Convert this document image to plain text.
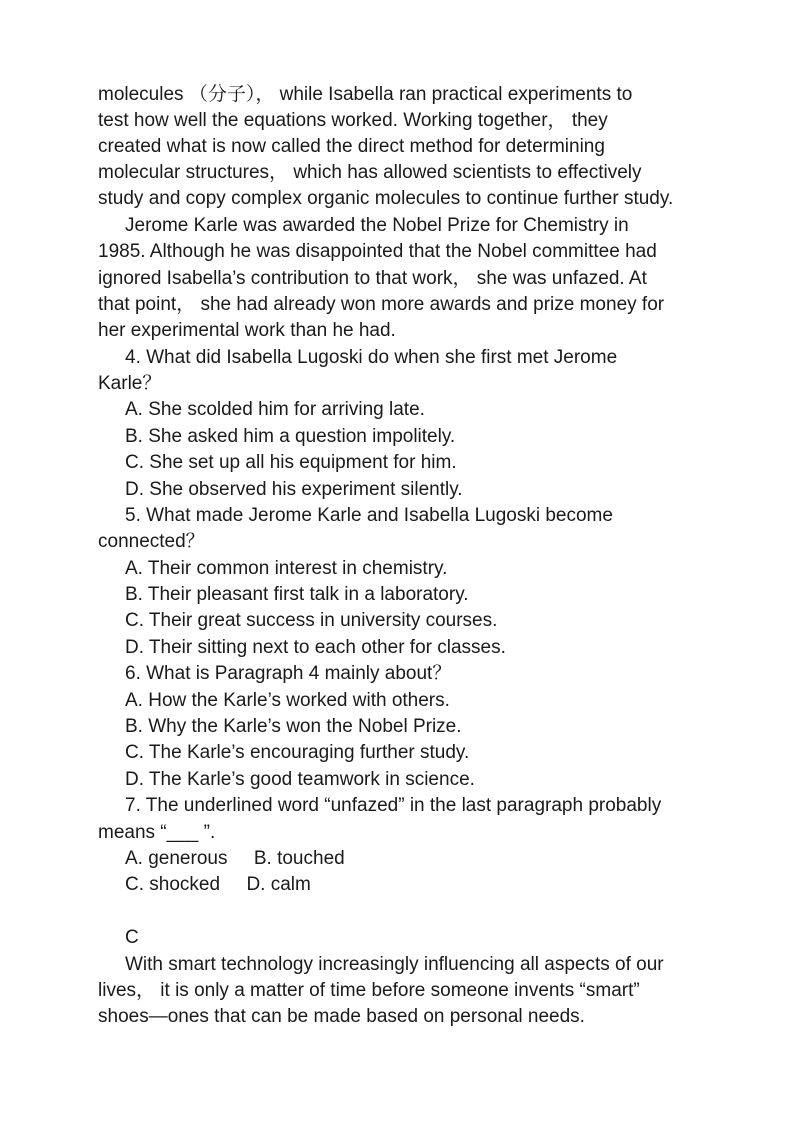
molecules （分子）， while Isabella ran practical experiments to
test how well the equations worked. Working together， they
created what is now called the direct method for determining
molecular structures， which has allowed scientists to effectively
study and copy complex organic molecules to continue further study.
Jerome Karle was awarded the Nobel Prize for Chemistry in
1985. Although he was disappointed that the Nobel committee had
ignored Isabella’s contribution to that work， she was unfazed. At
that point， she had already won more awards and prize money for
her experimental work than he had.
4. What did Isabella Lugoski do when she first met Jerome
Karle？
A. She scolded him for arriving late.
B. She asked him a question impolitely.
C. She set up all his equipment for him.
D. She observed his experiment silently.
5. What made Jerome Karle and Isabella Lugoski become
connected？
A. Their common interest in chemistry.
B. Their pleasant first talk in a laboratory.
C. Their great success in university courses.
D. Their sitting next to each other for classes.
6. What is Paragraph 4 mainly about？
A. How the Karle’s worked with others.
B. Why the Karle’s won the Nobel Prize.
C. The Karle’s encouraging further study.
D. The Karle’s good teamwork in science.
7. The underlined word “unfazed” in the last paragraph probably
means “___ ”.
A. generous     B. touched
C. shocked     D. calm
C
With smart technology increasingly influencing all aspects of our
lives， it is only a matter of time before someone invents “smart”
shoes—ones that can be made based on personal needs.
